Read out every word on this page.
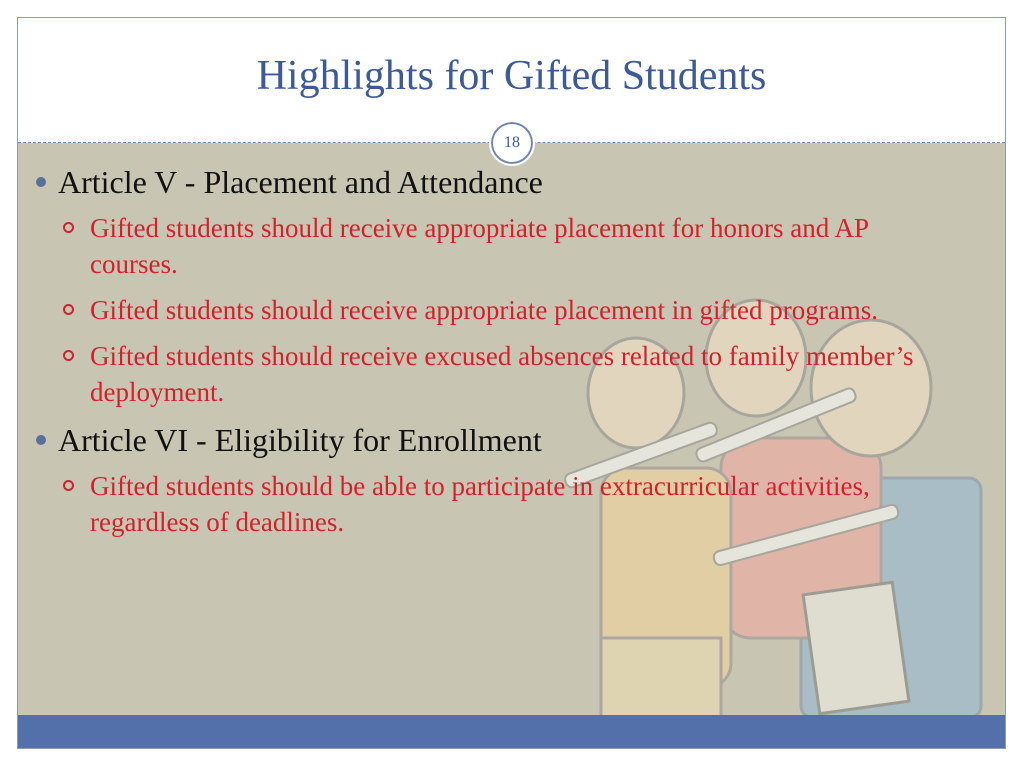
Highlights for Gifted Students
18
Article V - Placement and Attendance
Gifted students should receive appropriate placement for honors and AP courses.
Gifted students should receive appropriate placement in gifted programs.
Gifted students should receive excused absences related to family member’s deployment.
Article VI - Eligibility for Enrollment
Gifted students should be able to participate in extracurricular activities, regardless of deadlines.
